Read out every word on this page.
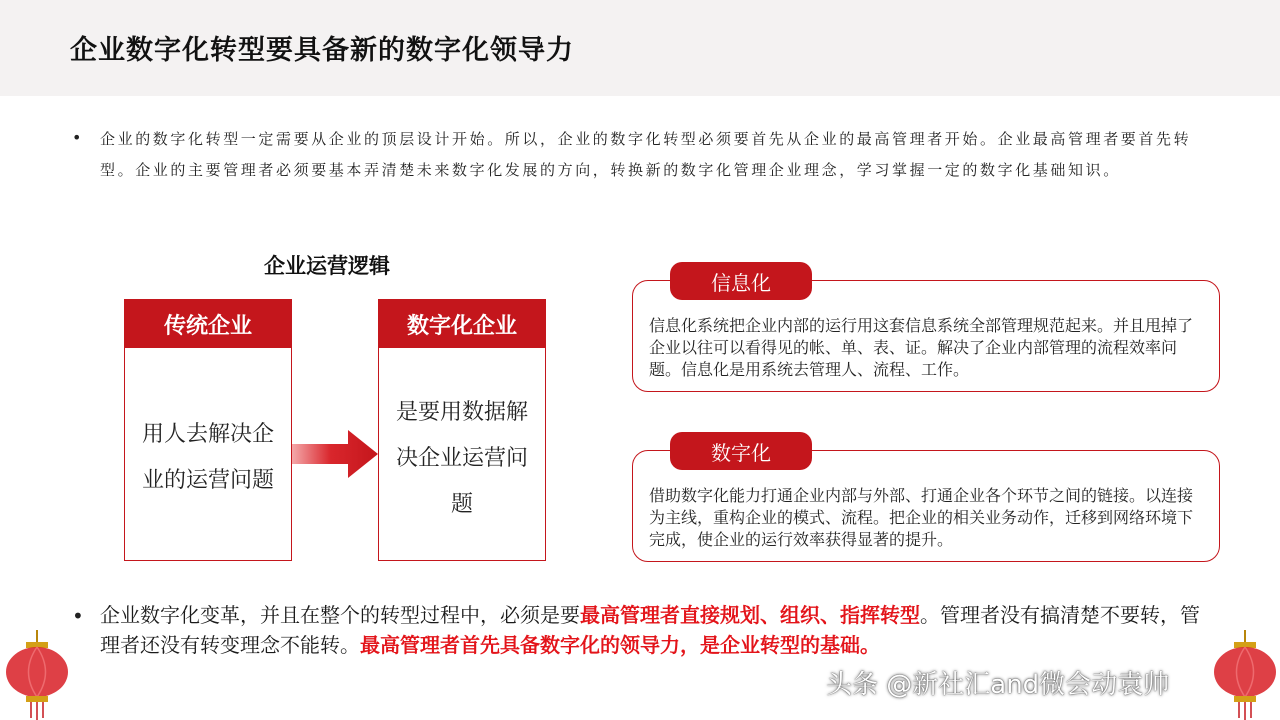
企业数字化转型要具备新的数字化领导力
• 企业的数字化转型一定需要从企业的顶层设计开始。所以，企业的数字化转型必须要首先从企业的最高管理者开始。企业最高管理者要首先转型。企业的主要管理者必须要基本弄清楚未来数字化发展的方向，转换新的数字化管理企业理念，学习掌握一定的数字化基础知识。
企业运营逻辑
传统企业
用人去解决企业的运营问题
数字化企业
是要用数据解决企业运营问题
信息化系统把企业内部的运行用这套信息系统全部管理规范起来。并且甩掉了企业以往可以看得见的帐、单、表、证。解决了企业内部管理的流程效率问题。信息化是用系统去管理人、流程、工作。
信息化
借助数字化能力打通企业内部与外部、打通企业各个环节之间的链接。以连接为主线，重构企业的模式、流程。把企业的相关业务动作，迁移到网络环境下完成，使企业的运行效率获得显著的提升。
数字化
• 企业数字化变革，并且在整个的转型过程中，必须是要最高管理者直接规划、组织、指挥转型。管理者没有搞清楚不要转，管理者还没有转变理念不能转。最高管理者首先具备数字化的领导力，是企业转型的基础。
头条 @新社汇and微会动袁帅
